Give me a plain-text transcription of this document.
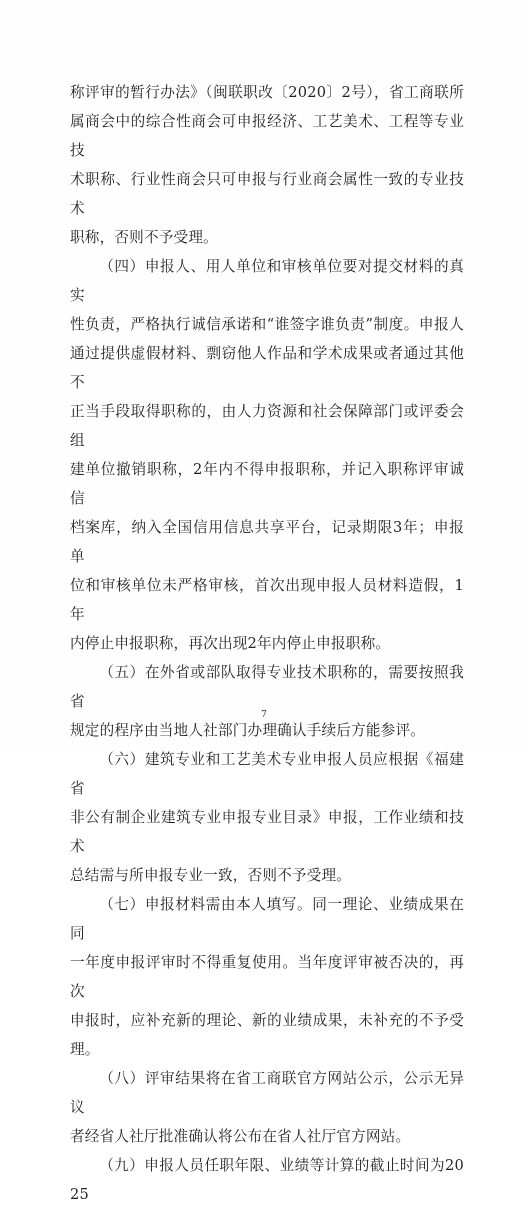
称评审的暂行办法》（闽联职改〔2020〕2号），省工商联所
属商会中的综合性商会可申报经济、工艺美术、工程等专业技
术职称、行业性商会只可申报与行业商会属性一致的专业技术
职称，否则不予受理。
（四）申报人、用人单位和审核单位要对提交材料的真实
性负责，严格执行诚信承诺和“谁签字谁负责”制度。申报人
通过提供虚假材料、剽窃他人作品和学术成果或者通过其他不
正当手段取得职称的，由人力资源和社会保障部门或评委会组
建单位撤销职称，2年内不得申报职称，并记入职称评审诚信
档案库，纳入全国信用信息共享平台，记录期限3年；申报单
位和审核单位未严格审核，首次出现申报人员材料造假，1年
内停止申报职称，再次出现2年内停止申报职称。
（五）在外省或部队取得专业技术职称的，需要按照我省
规定的程序由当地人社部门办理确认手续后方能参评。
（六）建筑专业和工艺美术专业申报人员应根据《福建省
非公有制企业建筑专业申报专业目录》申报，工作业绩和技术
总结需与所申报专业一致，否则不予受理。
（七）申报材料需由本人填写。同一理论、业绩成果在同
一年度申报评审时不得重复使用。当年度评审被否决的，再次
申报时，应补充新的理论、新的业绩成果，未补充的不予受理。
（八）评审结果将在省工商联官方网站公示，公示无异议
者经省人社厅批准确认将公布在省人社厅官方网站。
（九）申报人员任职年限、业绩等计算的截止时间为2025
7
